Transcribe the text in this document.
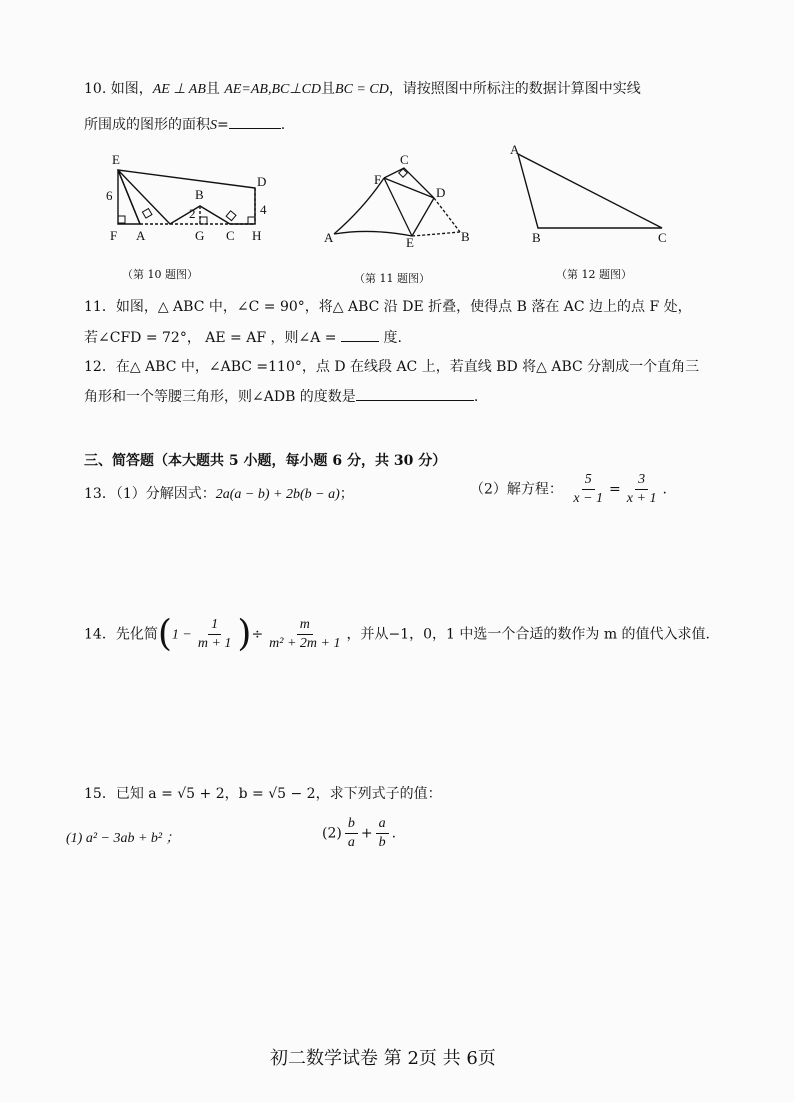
10. 如图，AE ⊥ AB且 AE=AB,BC⊥CD且BC = CD，请按照图中所标注的数据计算图中实线
所围成的图形的面积S=	.
E
D
B
F A	G C H
6
2	4
（第 10 题图）
C
F
D
A	E	B
（第 11 题图）
A
B	C
（第 12 题图）
11．如图，△ ABC 中，∠C = 90°，将△ ABC 沿 DE 折叠，使得点 B 落在 AC 边上的点 F 处，
若∠CFD = 72°， AE = AF ，则∠A =	度.
12．在△ ABC 中，∠ABC =110°，点 D 在线段 AC 上，若直线 BD 将△ ABC 分割成一个直角三
角形和一个等腰三角形，则∠ADB 的度数是	.
三、简答题（本大题共 5 小题，每小题 6 分，共 30 分）
13．（1）分解因式：2a(a − b) + 2b(b − a)；	（2）解方程： $\frac{5}{x - 1} = \frac{3}{x + 1}$ .
14．先化简($1 - \frac{1}{m + 1}$ )÷ $\frac{m}{\text{m² + 2m + 1}}$ ，并从−1，0，1 中选一个合适的数作为 m 的值代入求值.
15．已知 a = √5 + 2，b = √5 − 2，求下列式子的值：
(1) a² − 3ab + b² ；	$(2) \frac{b}{a} + \frac{a}{b}$ .
初二数学试卷 第 2页 共 6页
